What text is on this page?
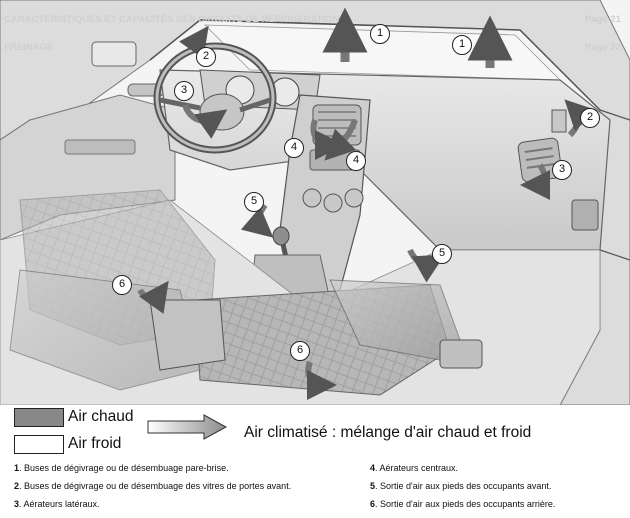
CARACTÉRISTIQUES ET CAPACITÉS DES CIRCUITS DE REFRIGERATION	Page 21
FREINAGE	Page 22
1
1
2
2
3
3
4
4
5
5
6
6
Air chaud
Air froid
Air climatisé : mélange d'air chaud et froid
1. Buses de dégivrage ou de désembuage pare-brise.
2. Buses de dégivrage ou de désembuage des vitres de portes avant.
3. Aérateurs latéraux.
4. Aérateurs centraux.
5. Sortie d'air aux pieds des occupants avant.
6. Sortie d'air aux pieds des occupants arrière.
